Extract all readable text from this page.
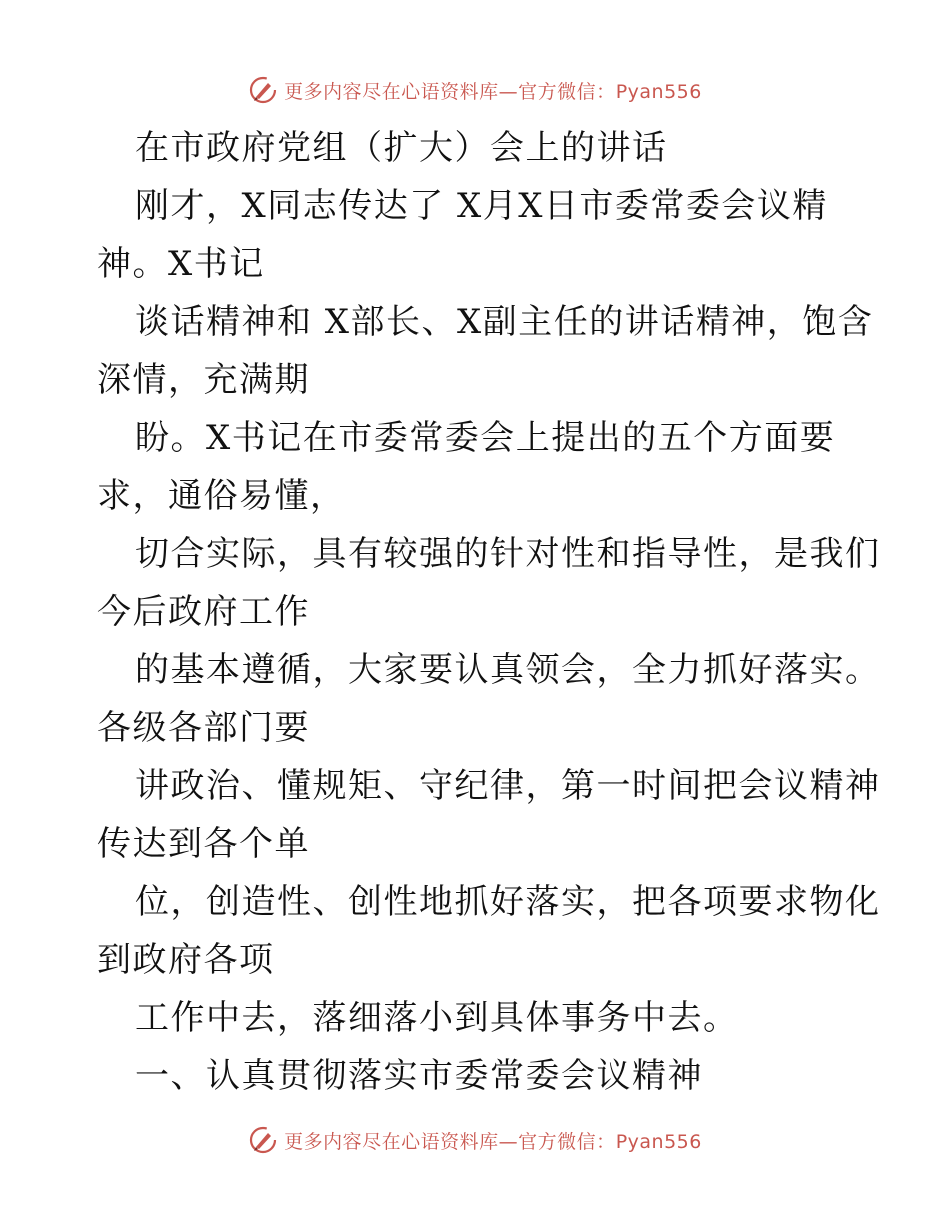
更多内容尽在心语资料库—官方微信：Pyan556
在市政府党组（扩大）会上的讲话
刚才，X同志传达了 X月X日市委常委会议精
神。X书记
谈话精神和 X部长、X副主任的讲话精神，饱含
深情，充满期
盼。X书记在市委常委会上提出的五个方面要
求，通俗易懂，
切合实际，具有较强的针对性和指导性，是我们
今后政府工作
的基本遵循，大家要认真领会，全力抓好落实。
各级各部门要
讲政治、懂规矩、守纪律，第一时间把会议精神
传达到各个单
位，创造性、创性地抓好落实，把各项要求物化
到政府各项
工作中去，落细落小到具体事务中去。
一、认真贯彻落实市委常委会议精神
更多内容尽在心语资料库—官方微信：Pyan556
